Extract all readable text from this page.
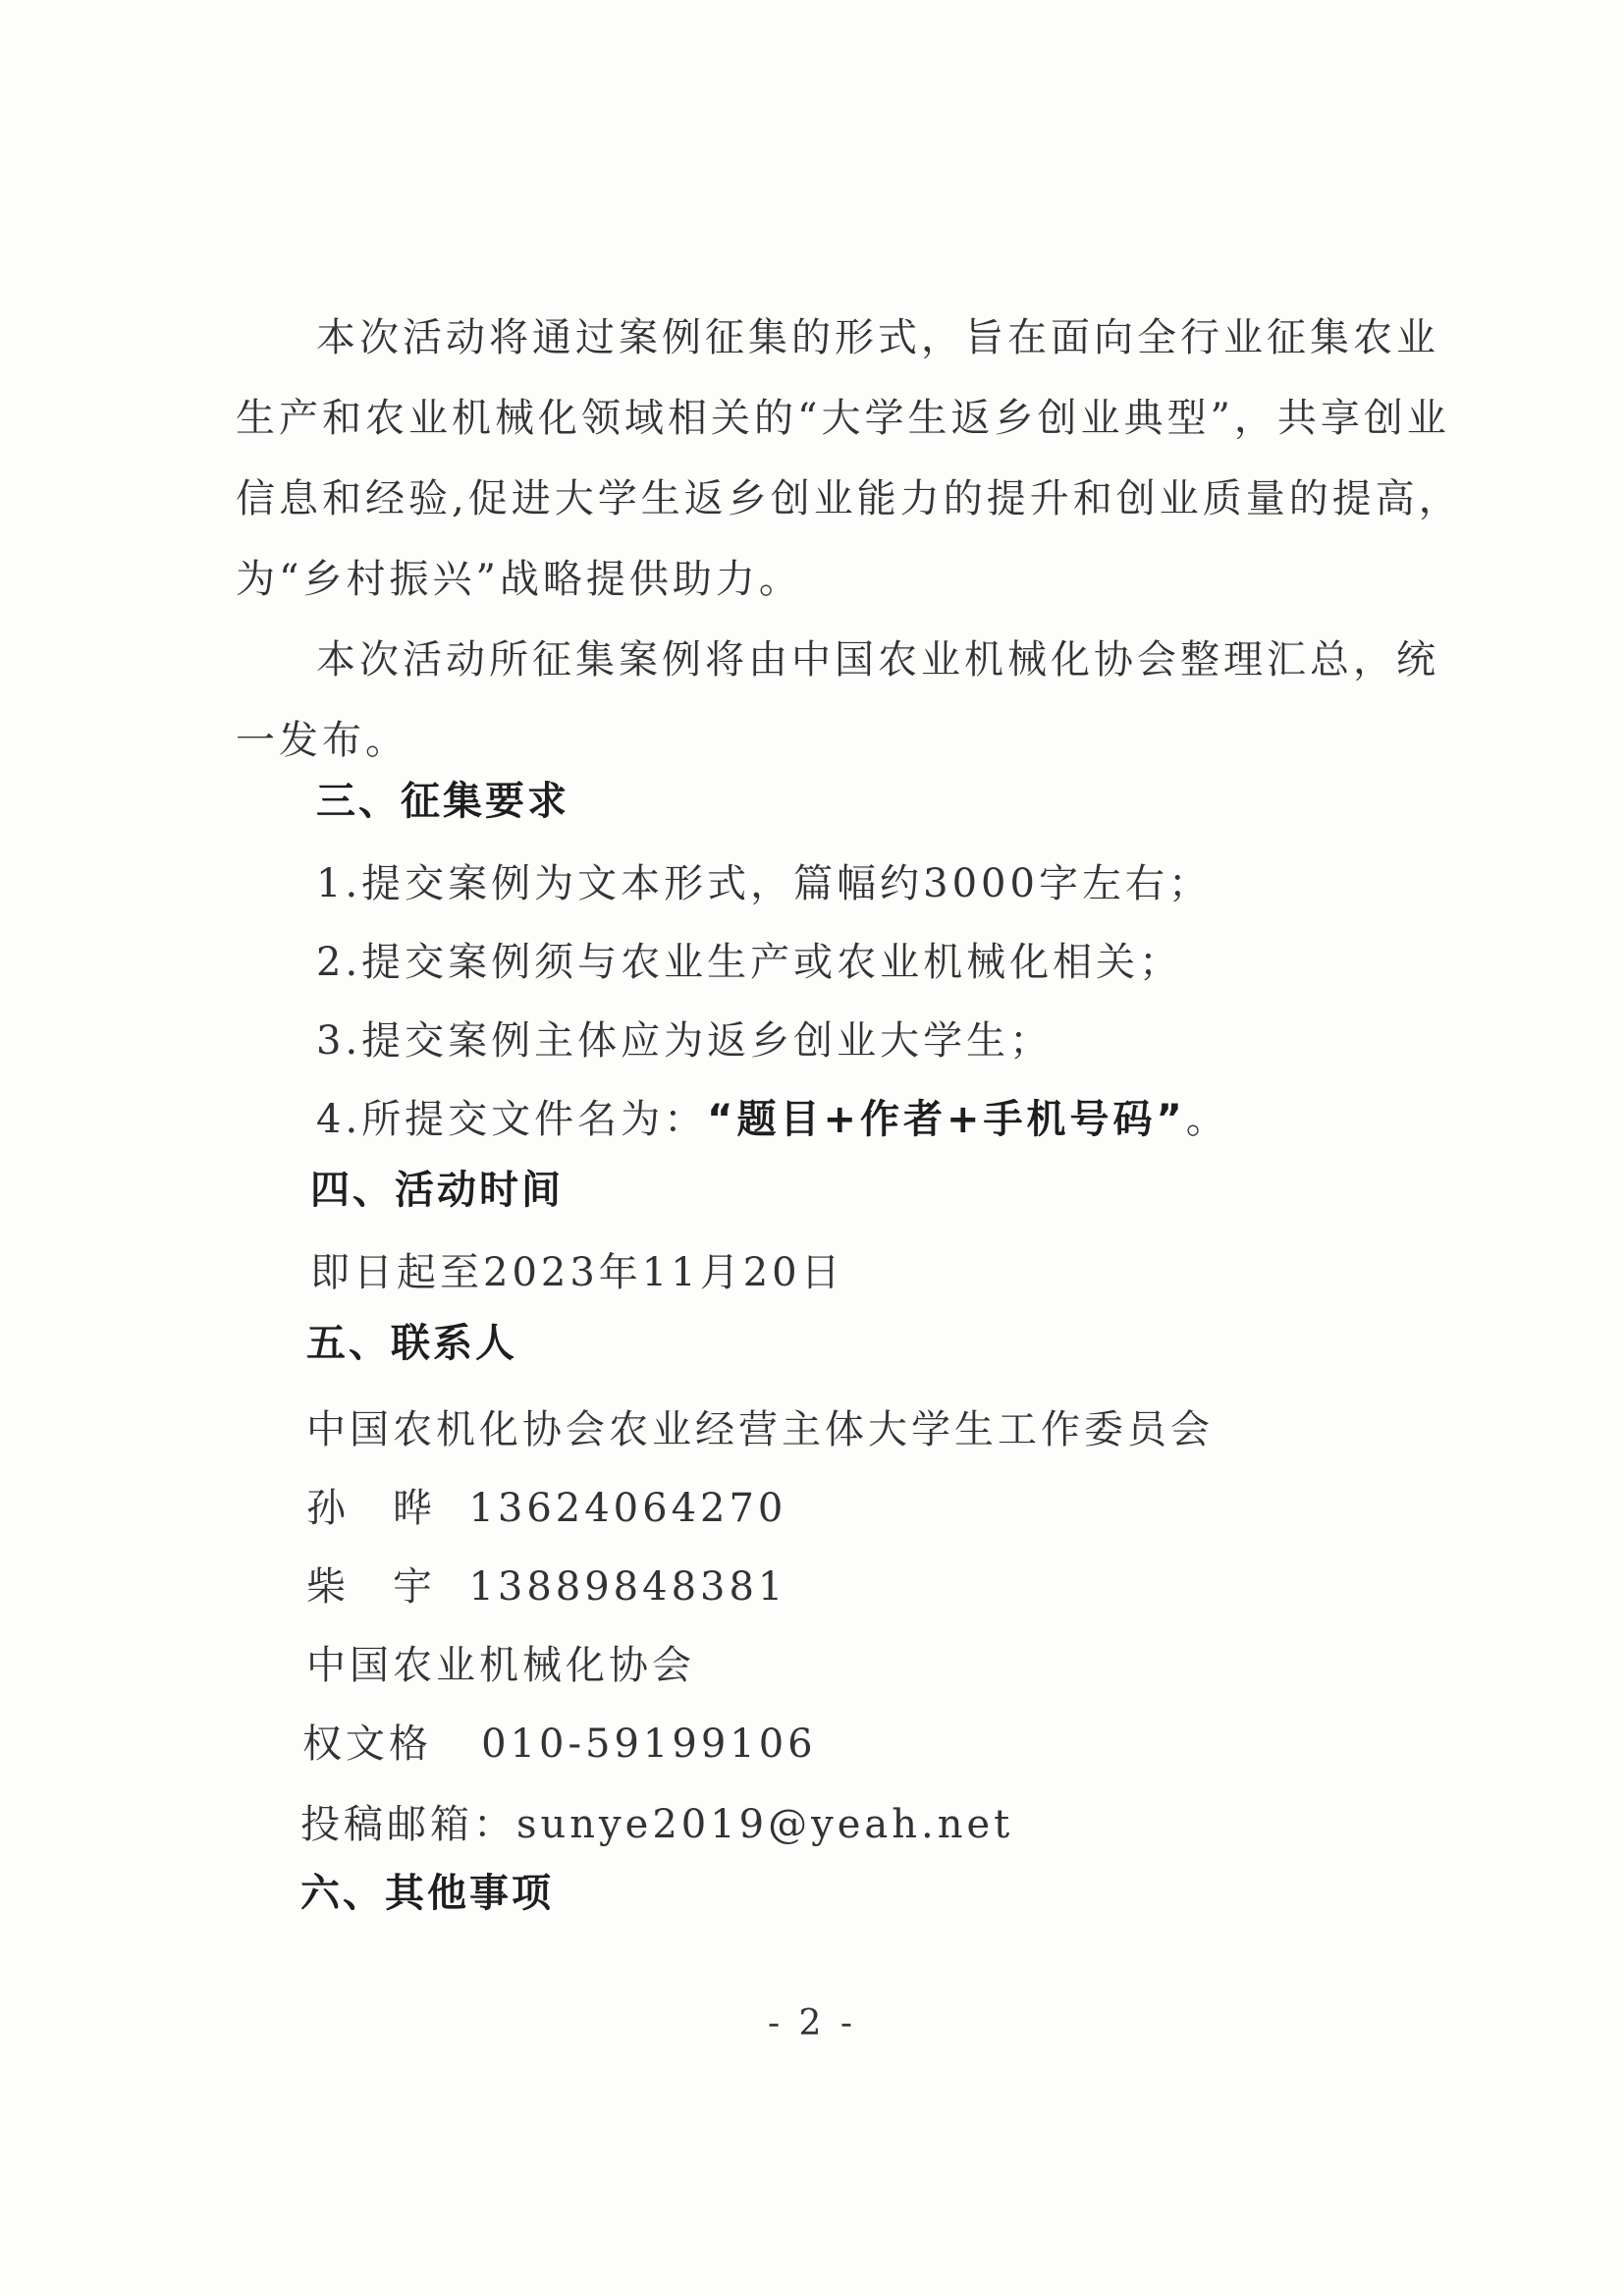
本次活动将通过案例征集的形式，旨在面向全行业征集农业
生产和农业机械化领域相关的“大学生返乡创业典型”，共享创业
信息和经验,促进大学生返乡创业能力的提升和创业质量的提高，
为“乡村振兴”战略提供助力。
本次活动所征集案例将由中国农业机械化协会整理汇总，统
一发布。
三、征集要求
1.提交案例为文本形式，篇幅约3000字左右；
2.提交案例须与农业生产或农业机械化相关；
3.提交案例主体应为返乡创业大学生；
4.所提交文件名为：“题目+作者+手机号码”。
四、活动时间
即日起至2023年11月20日
五、联系人
中国农机化协会农业经营主体大学生工作委员会
孙　晔 13624064270
柴　宇 13889848381
中国农业机械化协会
权文格 010-59199106
投稿邮箱：sunye2019@yeah.net
六、其他事项
- 2 -
